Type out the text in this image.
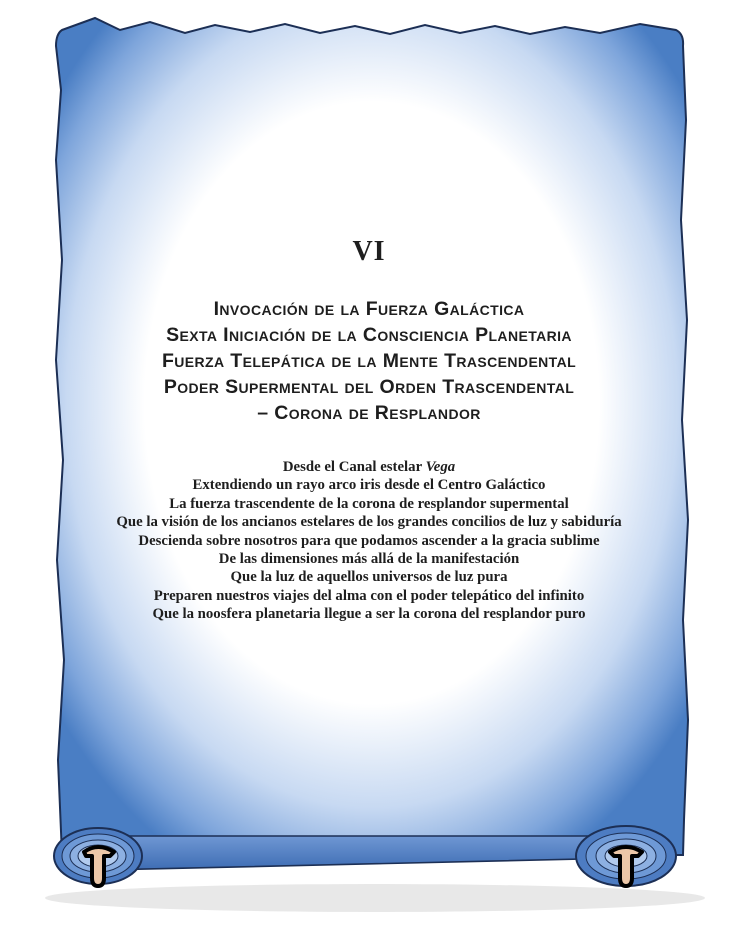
VI
Invocación de la Fuerza Galáctica
Sexta Iniciación de la Consciencia Planetaria
Fuerza Telepática de la Mente Trascendental
Poder Supermental del Orden Trascendental
– Corona de Resplandor
Desde el Canal estelar Vega
Extendiendo un rayo arco iris desde el Centro Galáctico
La fuerza trascendente de la corona de resplandor supermental
Que la visión de los ancianos estelares de los grandes concilios de luz y sabiduría
Descienda sobre nosotros para que podamos ascender a la gracia sublime
De las dimensiones más allá de la manifestación
Que la luz de aquellos universos de luz pura
Preparen nuestros viajes del alma con el poder telepático del infinito
Que la noosfera planetaria llegue a ser la corona del resplandor puro
